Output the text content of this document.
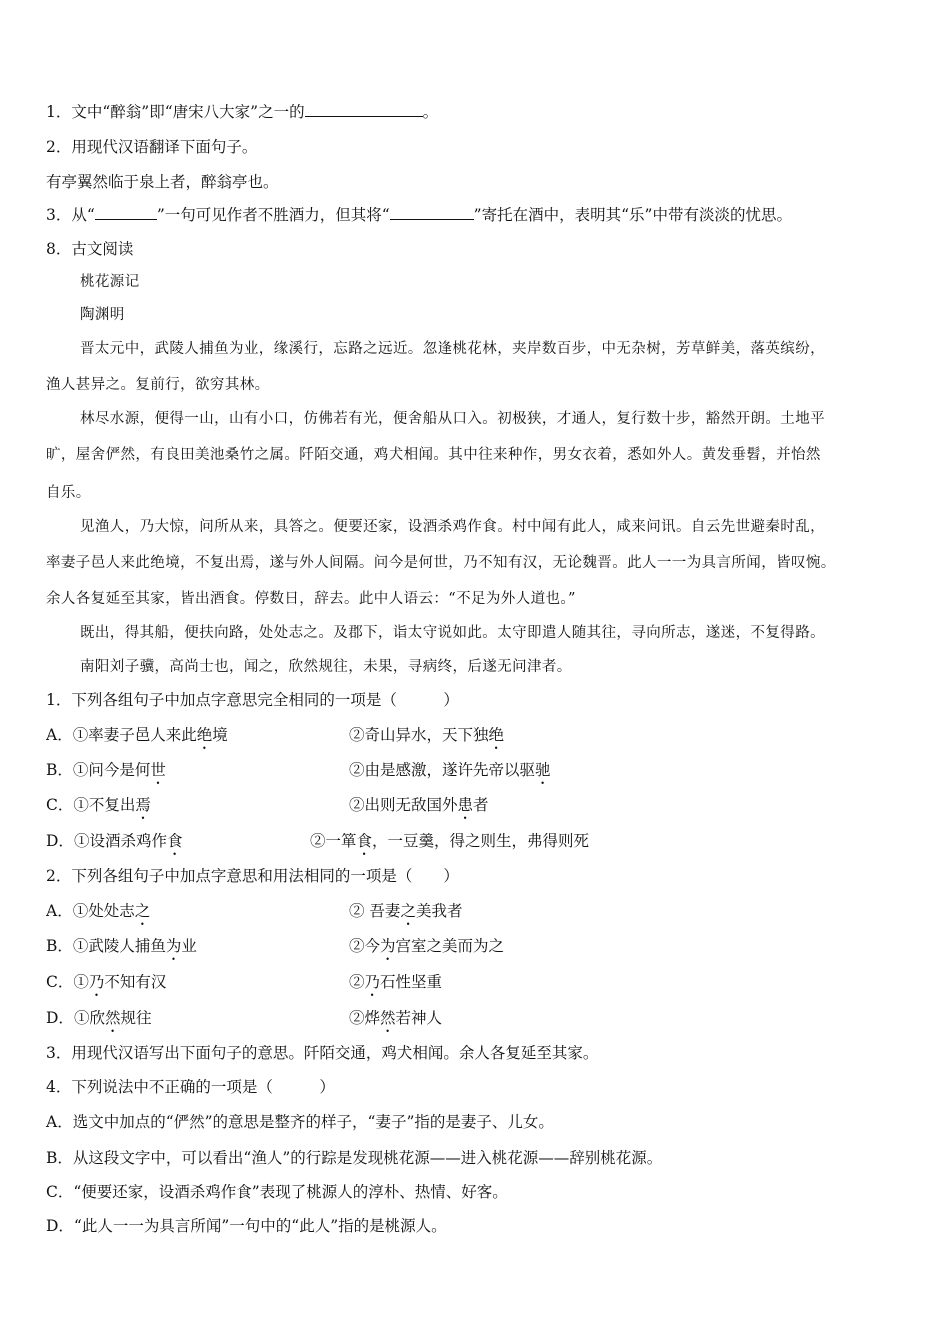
1．文中“醉翁”即“唐宋八大家”之一的	。
2．用现代汉语翻译下面句子。
有亭翼然临于泉上者，醉翁亭也。
3．从“	”一句可见作者不胜酒力，但其将“	”寄托在酒中，表明其“乐”中带有淡淡的忧思。
8．古文阅读
桃花源记
陶渊明
晋太元中，武陵人捕鱼为业，缘溪行，忘路之远近。忽逢桃花林，夹岸数百步，中无杂树，芳草鲜美，落英缤纷，
渔人甚异之。复前行，欲穷其林。
林尽水源，便得一山，山有小口，仿佛若有光，便舍船从口入。初极狭，才通人，复行数十步，豁然开朗。土地平
旷，屋舍俨然，有良田美池桑竹之属。阡陌交通，鸡犬相闻。其中往来种作，男女衣着，悉如外人。黄发垂髫，并怡然
自乐。
见渔人，乃大惊，问所从来，具答之。便要还家，设酒杀鸡作食。村中闻有此人，咸来问讯。自云先世避秦时乱，
率妻子邑人来此绝境，不复出焉，遂与外人间隔。问今是何世，乃不知有汉，无论魏晋。此人一一为具言所闻，皆叹惋。
余人各复延至其家，皆出酒食。停数日，辞去。此中人语云：“不足为外人道也。”
既出，得其船，便扶向路，处处志之。及郡下，诣太守说如此。太守即遣人随其往，寻向所志，遂迷，不复得路。
南阳刘子骥，高尚士也，闻之，欣然规往，未果，寻病终，后遂无问津者。
1．下列各组句子中加点字意思完全相同的一项是（　　　）
A．①率妻子邑人来此绝境	②奇山异水，天下独绝
B．①问今是何世	②由是感激，遂许先帝以驱驰
C．①不复出焉	②出则无敌国外患者
D．①设酒杀鸡作食	②一箪食，一豆羹，得之则生，弗得则死
2．下列各组句子中加点字意思和用法相同的一项是（　　）
A．①处处志之	② 吾妻之美我者
B．①武陵人捕鱼为业	②今为宫室之美而为之
C．①乃不知有汉	②乃石性坚重
D．①欣然规往	②烨然若神人
3．用现代汉语写出下面句子的意思。阡陌交通，鸡犬相闻。余人各复延至其家。
4．下列说法中不正确的一项是（　　　）
A．选文中加点的“俨然”的意思是整齐的样子，“妻子”指的是妻子、儿女。
B．从这段文字中，可以看出“渔人”的行踪是发现桃花源——进入桃花源——辞别桃花源。
C．“便要还家，设酒杀鸡作食”表现了桃源人的淳朴、热情、好客。
D．“此人一一为具言所闻”一句中的“此人”指的是桃源人。
